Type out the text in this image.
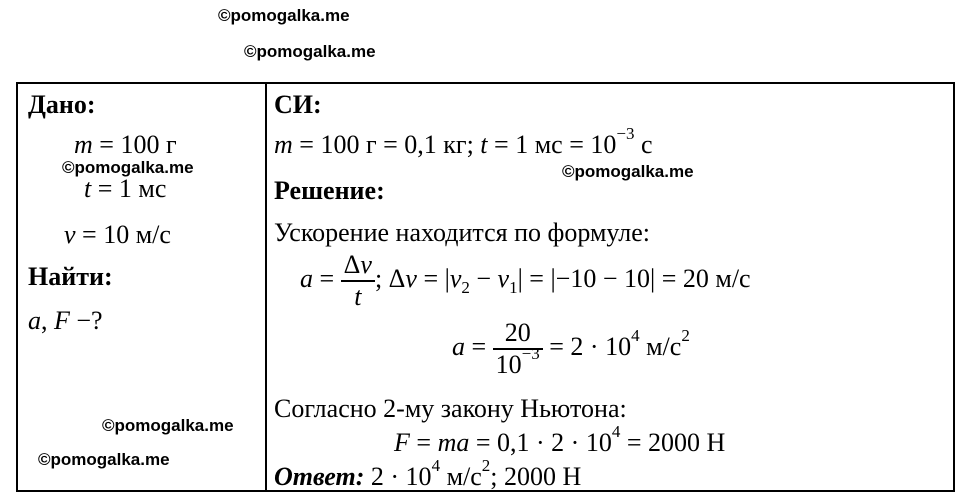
©pomogalka.me
©pomogalka.me
Дано:
m = 100 г
t = 1 мс
v = 10 м/с
Найти:
a, F −?
СИ:
m = 100 г = 0,1 кг; t = 1 мс = $10^{-3}$ с
Решение:
Ускорение находится по формуле:
$a = \frac{\Delta v}{t}$ ; $\Delta v = |v_2 - v_1| = |-10 - 10| = 20$ м/с
$a = \frac{20}{10^{-3}} = 2 \cdot 10^4$ $м/с^2$
Согласно 2-му закону Ньютона:
F = ma = $0,1 \cdot 2 \cdot 10^4 = 2000$ Н
Ответ: $2 \cdot 10^4$ $м/с^2$; 2000 Н
©pomogalka.me	©pomogalka.me
©pomogalka.me
©pomogalka.me
